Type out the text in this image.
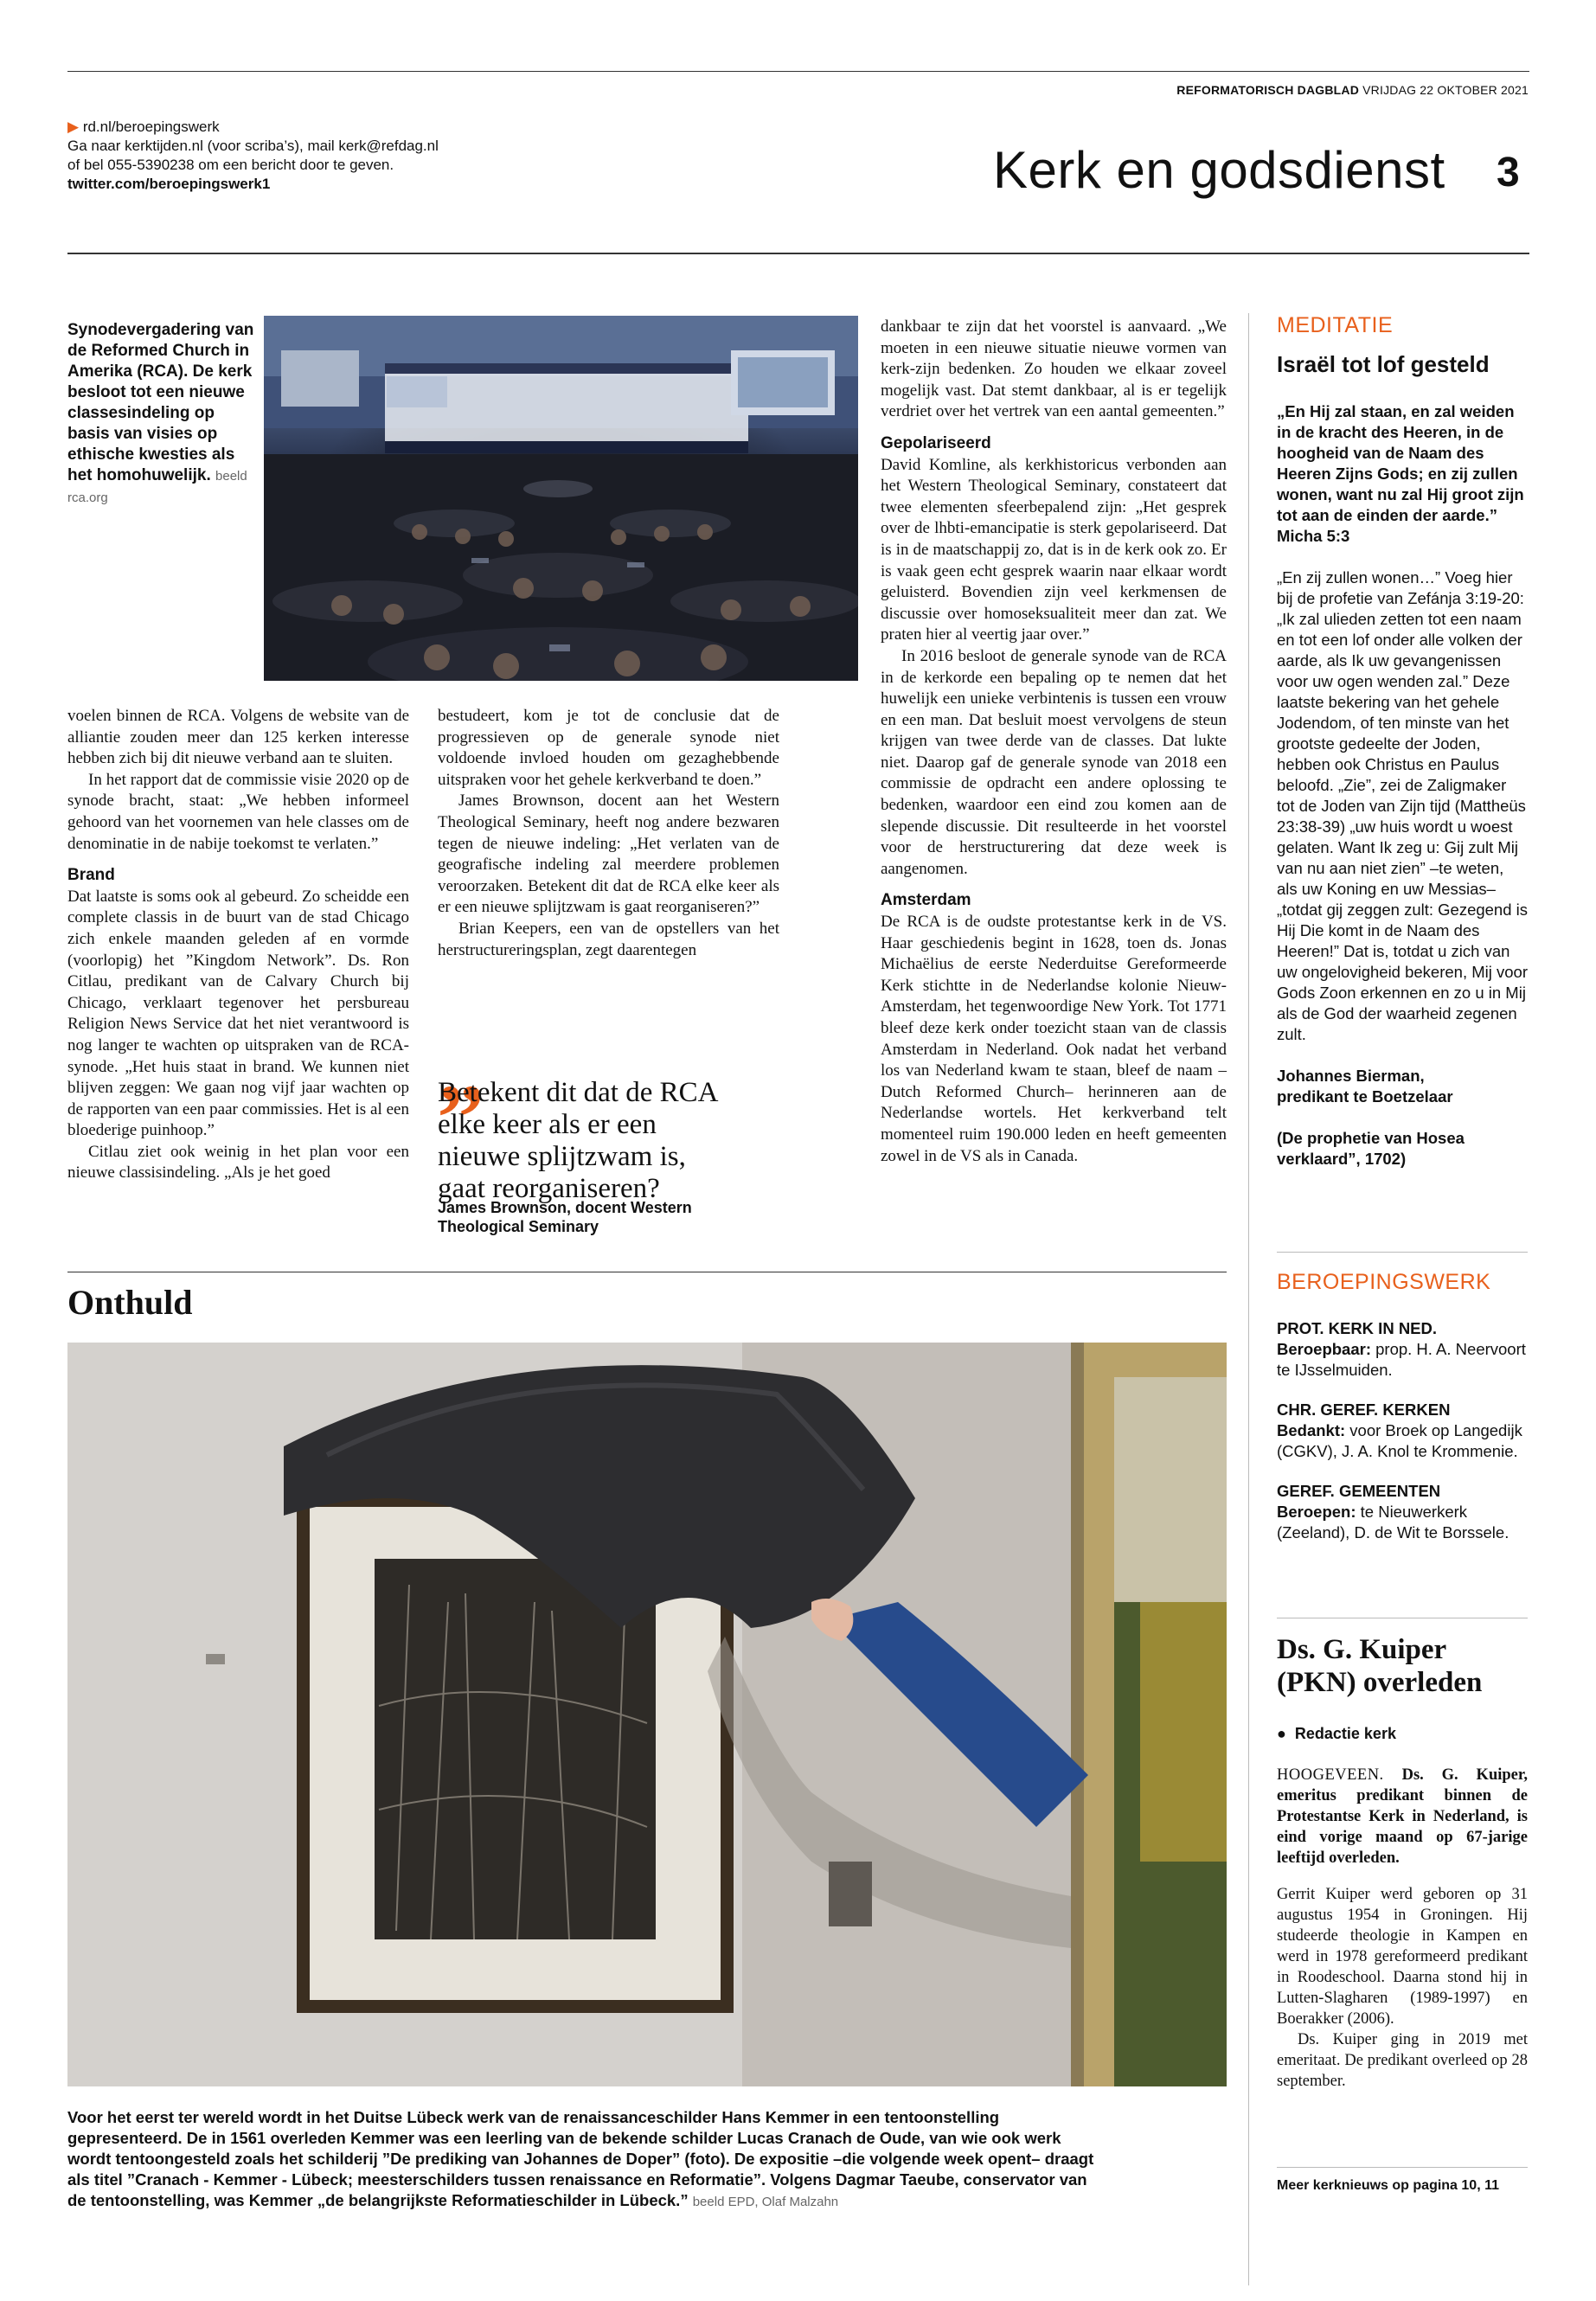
REFORMATORISCH DAGBLAD VRIJDAG 22 OKTOBER 2021
▶ rd.nl/beroepingswerk
Ga naar kerktijden.nl (voor scriba’s), mail kerk@refdag.nl
of bel 055-5390238 om een bericht door te geven.
twitter.com/beroepingswerk1	Kerk en godsdienst 3
Synodevergadering van de Reformed Church in Amerika (RCA). De kerk besloot tot een nieuwe classesindeling op basis van visies op ethische kwesties als het homohuwelijk. beeld rca.org

voelen binnen de RCA. Volgens de website van de alliantie zouden meer dan 125 kerken interesse hebben zich bij dit nieuwe verband aan te sluiten.

In het rapport dat de commissie visie 2020 op de synode bracht, staat: „We hebben informeel gehoord van het voornemen van hele classes om de denominatie in de nabije toekomst te verlaten.”

Brand

Dat laatste is soms ook al gebeurd. Zo scheidde een complete classis in de buurt van de stad Chicago zich enkele maanden geleden af en vormde (voorlopig) het ”Kingdom Network”. Ds. Ron Citlau, predikant van de Calvary Church bij Chicago, verklaart tegenover het persbureau Religion News Service dat het niet verantwoord is nog langer te wachten op uitspraken van de RCA-synode. „Het huis staat in brand. We kunnen niet blijven zeggen: We gaan nog vijf jaar wachten op de rapporten van een paar commissies. Het is al een bloederige puinhoop.”

Citlau ziet ook weinig in het plan voor een nieuwe classisindeling. „Als je het goed

bestudeert, kom je tot de conclusie dat de progressieven op de generale synode niet voldoende invloed houden om gezaghebbende uitspraken voor het gehele kerkverband te doen.”

James Brownson, docent aan het Western Theological Seminary, heeft nog andere bezwaren tegen de nieuwe indeling: „Het verlaten van de geografische indeling zal meerdere problemen veroorzaken. Betekent dit dat de RCA elke keer als er een nieuwe splijtzwam is gaat reorganiseren?”

Brian Keepers, een van de opstellers van het herstructureringsplan, zegt daarentegen

„
Betekent dit dat de RCA elke keer als er een nieuwe splijtzwam is, gaat reorganiseren?
James Brownson, docent Western Theological Seminary

dankbaar te zijn dat het voorstel is aanvaard. „We moeten in een nieuwe situatie nieuwe vormen van kerk-zijn bedenken. Zo houden we elkaar zoveel mogelijk vast. Dat stemt dankbaar, al is er tegelijk verdriet over het vertrek van een aantal gemeenten.”

Gepolariseerd

David Komline, als kerkhistoricus verbonden aan het Western Theological Seminary, constateert dat twee elementen sfeerbepalend zijn: „Het gesprek over de lhbti-emancipatie is sterk gepolariseerd. Dat is in de maatschappij zo, dat is in de kerk ook zo. Er is vaak geen echt gesprek waarin naar elkaar wordt geluisterd. Bovendien zijn veel kerkmensen de discussie over homoseksualiteit meer dan zat. We praten hier al veertig jaar over.”

In 2016 besloot de generale synode van de RCA in de kerkorde een bepaling op te nemen dat het huwelijk een unieke verbintenis is tussen een vrouw en een man. Dat besluit moest vervolgens de steun krijgen van twee derde van de classes. Dat lukte niet. Daarop gaf de generale synode van 2018 een commissie de opdracht een andere oplossing te bedenken, waardoor een eind zou komen aan de slepende discussie. Dit resulteerde in het voorstel voor de herstructurering dat deze week is aangenomen.

Amsterdam

De RCA is de oudste protestantse kerk in de VS. Haar geschiedenis begint in 1628, toen ds. Jonas Michaëlius de eerste Nederduitse Gereformeerde Kerk stichtte in de Nederlandse kolonie Nieuw-Amsterdam, het tegenwoordige New York. Tot 1771 bleef deze kerk onder toezicht staan van de classis Amsterdam in Nederland. Ook nadat het verband los van Nederland kwam te staan, bleef de naam –Dutch Reformed Church– herinneren aan de Nederlandse wortels. Het kerkverband telt momenteel ruim 190.000 leden en heeft gemeenten zowel in de VS als in Canada.

MEDITATIE
Israël tot lof gesteld

„En Hij zal staan, en zal weiden in de kracht des Heeren, in de hoogheid van de Naam des Heeren Zijns Gods; en zij zullen wonen, want nu zal Hij groot zijn tot aan de einden der aarde.”

Micha 5:3

„En zij zullen wonen…” Voeg hier bij de profetie van Zefánja 3:19-20: „Ik zal ulieden zetten tot een naam en tot een lof onder alle volken der aarde, als Ik uw gevangenissen voor uw ogen wenden zal.” Deze laatste bekering van het gehele Jodendom, of ten minste van het grootste gedeelte der Joden, hebben ook Christus en Paulus beloofd. „Zie”, zei de Zaligmaker tot de Joden van Zijn tijd (Mattheüs 23:38-39) „uw huis wordt u woest gelaten. Want Ik zeg u: Gij zult Mij van nu aan niet zien” –te weten, als uw Koning en uw Messias– „totdat gij zeggen zult: Gezegend is Hij Die komt in de Naam des Heeren!” Dat is, totdat u zich van uw ongelovigheid bekeren, Mij voor Gods Zoon erkennen en zo u in Mij als de God der waarheid zegenen zult.

Johannes Bierman,

predikant te Boetzelaar

(De prophetie van Hosea verklaard”, 1702)

BEROEPINGSWERK

PROT. KERK IN NED.

Beroepbaar: prop. H. A. Neervoort te IJsselmuiden.

CHR. GEREF. KERKEN

Bedankt: voor Broek op Langedijk (CGKV), J. A. Knol te Krommenie.

GEREF. GEMEENTEN

Beroepen: te Nieuwerkerk (Zeeland), D. de Wit te Borssele.

Ds. G. Kuiper (PKN) overleden
● Redactie kerk

HOOGEVEEN. Ds. G. Kuiper, emeritus predikant binnen de Protestantse Kerk in Nederland, is eind vorige maand op 67-jarige leeftijd overleden.

Gerrit Kuiper werd geboren op 31 augustus 1954 in Groningen. Hij studeerde theologie in Kampen en werd in 1978 gereformeerd predikant in Roodeschool. Daarna stond hij in Lutten-Slagharen (1989-1997) en Boerakker (2006).

Ds. Kuiper ging in 2019 met emeritaat. De predikant overleed op 28 september.

Meer kerknieuws op pagina 10, 11
Onthuld
Voor het eerst ter wereld wordt in het Duitse Lübeck werk van de renaissanceschilder Hans Kemmer in een tentoonstelling gepresenteerd. De in 1561 overleden Kemmer was een leerling van de bekende schilder Lucas Cranach de Oude, van wie ook werk wordt tentoongesteld zoals het schilderij ”De prediking van Johannes de Doper” (foto). De expositie –die volgende week opent– draagt als titel ”Cranach - Kemmer - Lübeck; meesterschilders tussen renaissance en Reformatie”. Volgens Dagmar Taeube, conservator van de tentoonstelling, was Kemmer „de belangrijkste Reformatieschilder in Lübeck.” beeld EPD, Olaf Malzahn
